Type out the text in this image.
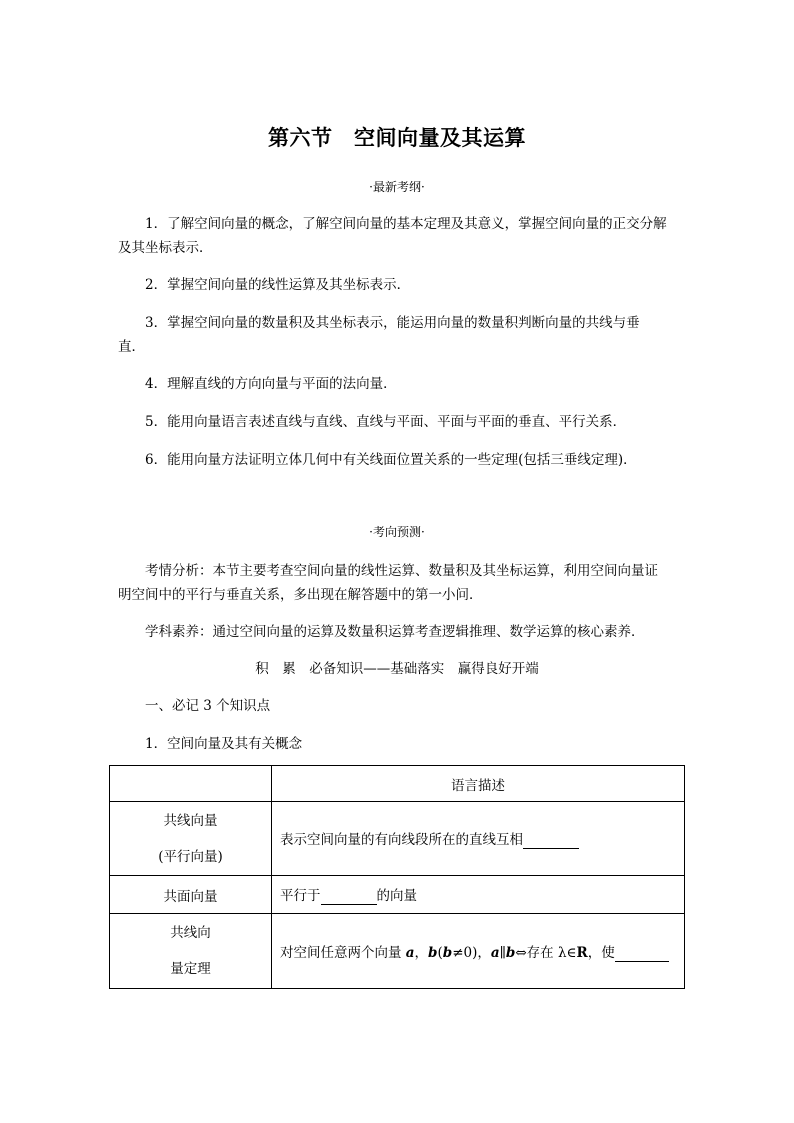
第六节　空间向量及其运算
·最新考纲·
1．了解空间向量的概念，了解空间向量的基本定理及其意义，掌握空间向量的正交分解
及其坐标表示．
2．掌握空间向量的线性运算及其坐标表示．
3．掌握空间向量的数量积及其坐标表示，能运用向量的数量积判断向量的共线与垂
直．
4．理解直线的方向向量与平面的法向量．
5．能用向量语言表述直线与直线、直线与平面、平面与平面的垂直、平行关系．
6．能用向量方法证明立体几何中有关线面位置关系的一些定理(包括三垂线定理)．
·考向预测·
考情分析：本节主要考查空间向量的线性运算、数量积及其坐标运算，利用空间向量证
明空间中的平行与垂直关系，多出现在解答题中的第一小问．
学科素养：通过空间向量的运算及数量积运算考查逻辑推理、数学运算的核心素养．
积　累　必备知识——基础落实　赢得良好开端
一、必记 3 个知识点
1．空间向量及其有关概念
	语言描述

共线向量
(平行向量)	表示空间向量的有向线段所在的直线互相
共面向量	平行于 的向量

共线向
量定理	对空间任意两个向量 a，b(b≠0)，a∥b⇔存在 λ∈R，使
